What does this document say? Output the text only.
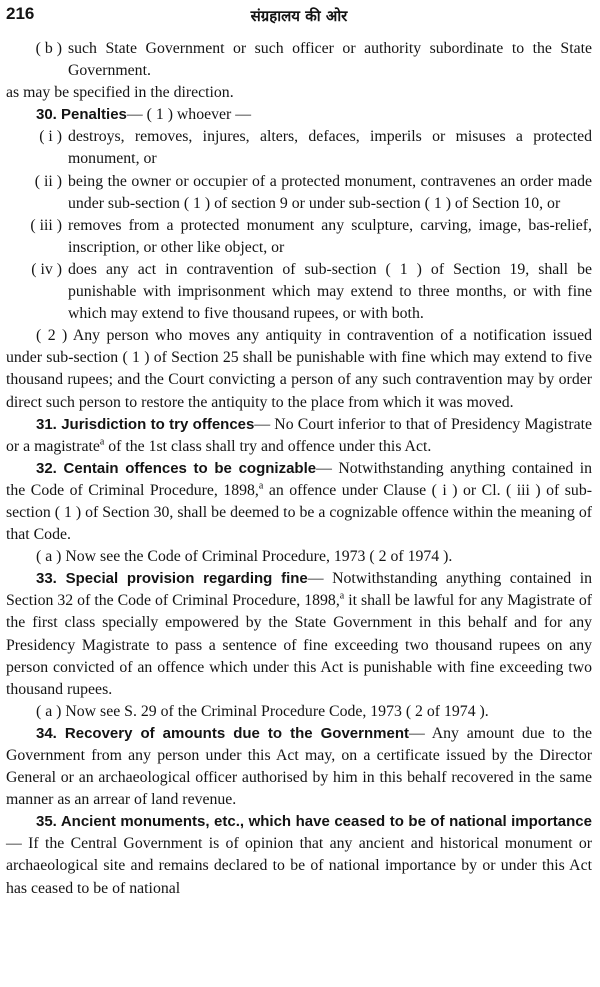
216	संग्रहालय की ओर
( b ) such State Government or such officer or authority subordinate to the State Government.

as may be specified in the direction.

30. Penalties— ( 1 ) whoever —

( i ) destroys, removes, injures, alters, defaces, imperils or misuses a protected monument, or
( ii ) being the owner or occupier of a protected monument, contravenes an order made under sub-section ( 1 ) of section 9 or under sub-section ( 1 ) of Section 10, or
( iii ) removes from a protected monument any sculpture, carving, image, bas-relief, inscription, or other like object, or
( iv ) does any act in contravention of sub-section ( 1 ) of Section 19, shall be punishable with imprisonment which may extend to three months, or with fine which may extend to five thousand rupees, or with both.

( 2 ) Any person who moves any antiquity in contravention of a notification issued under sub-section ( 1 ) of Section 25 shall be punishable with fine which may extend to five thousand rupees; and the Court convicting a person of any such contravention may by order direct such person to restore the antiquity to the place from which it was moved.

31. Jurisdiction to try offences— No Court inferior to that of Presidency Magistrate or a magistrate$^a$ of the 1st class shall try and offence under this Act.

32. Centain offences to be cognizable— Notwithstanding anything contained in the Code of Criminal Procedure, 1898,$^a$ an offence under Clause ( i ) or Cl. ( iii ) of sub-section ( 1 ) of Section 30, shall be deemed to be a cognizable offence within the meaning of that Code.

( a ) Now see the Code of Criminal Procedure, 1973 ( 2 of 1974 ).

33. Special provision regarding fine— Notwithstanding anything contained in Section 32 of the Code of Criminal Procedure, 1898,$^a$ it shall be lawful for any Magistrate of the first class specially empowered by the State Government in this behalf and for any Presidency Magistrate to pass a sentence of fine exceeding two thousand rupees on any person convicted of an offence which under this Act is punishable with fine exceeding two thousand rupees.

( a ) Now see S. 29 of the Criminal Procedure Code, 1973 ( 2 of 1974 ).

34. Recovery of amounts due to the Government— Any amount due to the Government from any person under this Act may, on a certificate issued by the Director General or an archaeological officer authorised by him in this behalf recovered in the same manner as an arrear of land revenue.

35. Ancient monuments, etc., which have ceased to be of national importance— If the Central Government is of opinion that any ancient and historical monument or archaeological site and remains declared to be of national importance by or under this Act has ceased to be of national
